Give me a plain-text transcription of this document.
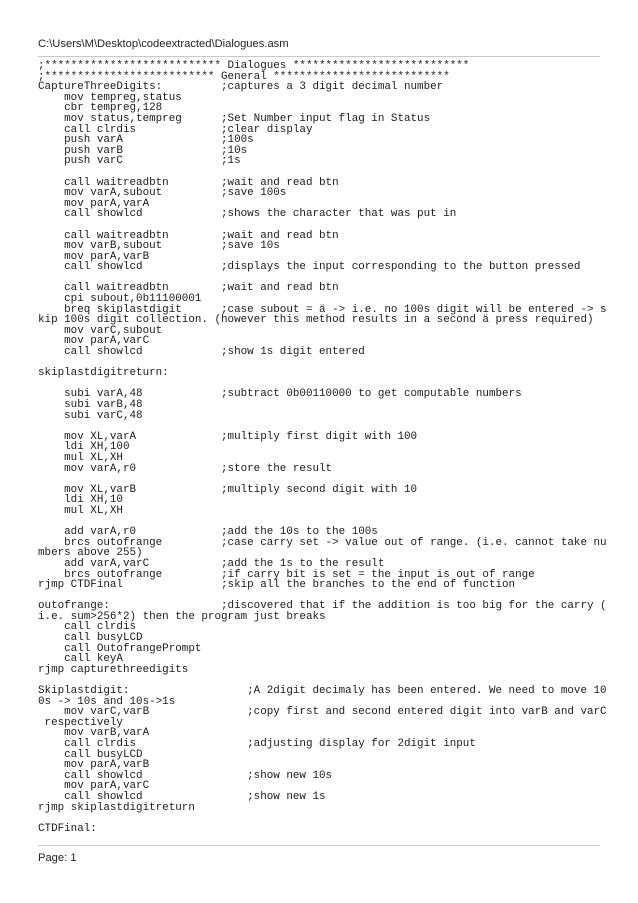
C:\Users\M\Desktop\codeextracted\Dialogues.asm
;*************************** Dialogues ***************************
;************************** General ***************************
CaptureThreeDigits:         ;captures a 3 digit decimal number
mov tempreg,status
cbr tempreg,128
mov status,tempreg      ;Set Number input flag in Status
call clrdis             ;clear display
push varA               ;100s
push varB               ;10s
push varC               ;1s
call waitreadbtn        ;wait and read btn
mov varA,subout         ;save 100s
mov parA,varA
call showlcd            ;shows the character that was put in
call waitreadbtn        ;wait and read btn
mov varB,subout         ;save 10s
mov parA,varB
call showlcd            ;displays the input corresponding to the button pressed
call waitreadbtn        ;wait and read btn
cpi subout,0b11100001
breq skiplastdigit      ;case subout = ä -> i.e. no 100s digit will be entered -> s
kip 100s digit collection. (however this method results in a second ä press required)
mov varC,subout
mov parA,varC
call showlcd            ;show 1s digit entered
skiplastdigitreturn:
subi varA,48            ;subtract 0b00110000 to get computable numbers
subi varB,48
subi varC,48
mov XL,varA             ;multiply first digit with 100
ldi XH,100
mul XL,XH
mov varA,r0             ;store the result
mov XL,varB             ;multiply second digit with 10
ldi XH,10
mul XL,XH
add varA,r0             ;add the 10s to the 100s
brcs outofrange         ;case carry set -> value out of range. (i.e. cannot take nu
mbers above 255)
add varA,varC           ;add the 1s to the result
brcs outofrange         ;if carry bit is set = the input is out of range
rjmp CTDFinal               ;skip all the branches to the end of function
outofrange:                 ;discovered that if the addition is too big for the carry (
i.e. sum>256*2) then the program just breaks
call clrdis
call busyLCD
call OutofrangePrompt
call keyA
rjmp capturethreedigits
Skiplastdigit:                  ;A 2digit decimaly has been entered. We need to move 10
0s -> 10s and 10s->1s
mov varC,varB               ;copy first and second entered digit into varB and varC
respectively
mov varB,varA
call clrdis                 ;adjusting display for 2digit input
call busyLCD
mov parA,varB
call showlcd                ;show new 10s
mov parA,varC
call showlcd                ;show new 1s
rjmp skiplastdigitreturn
CTDFinal:
Page: 1
